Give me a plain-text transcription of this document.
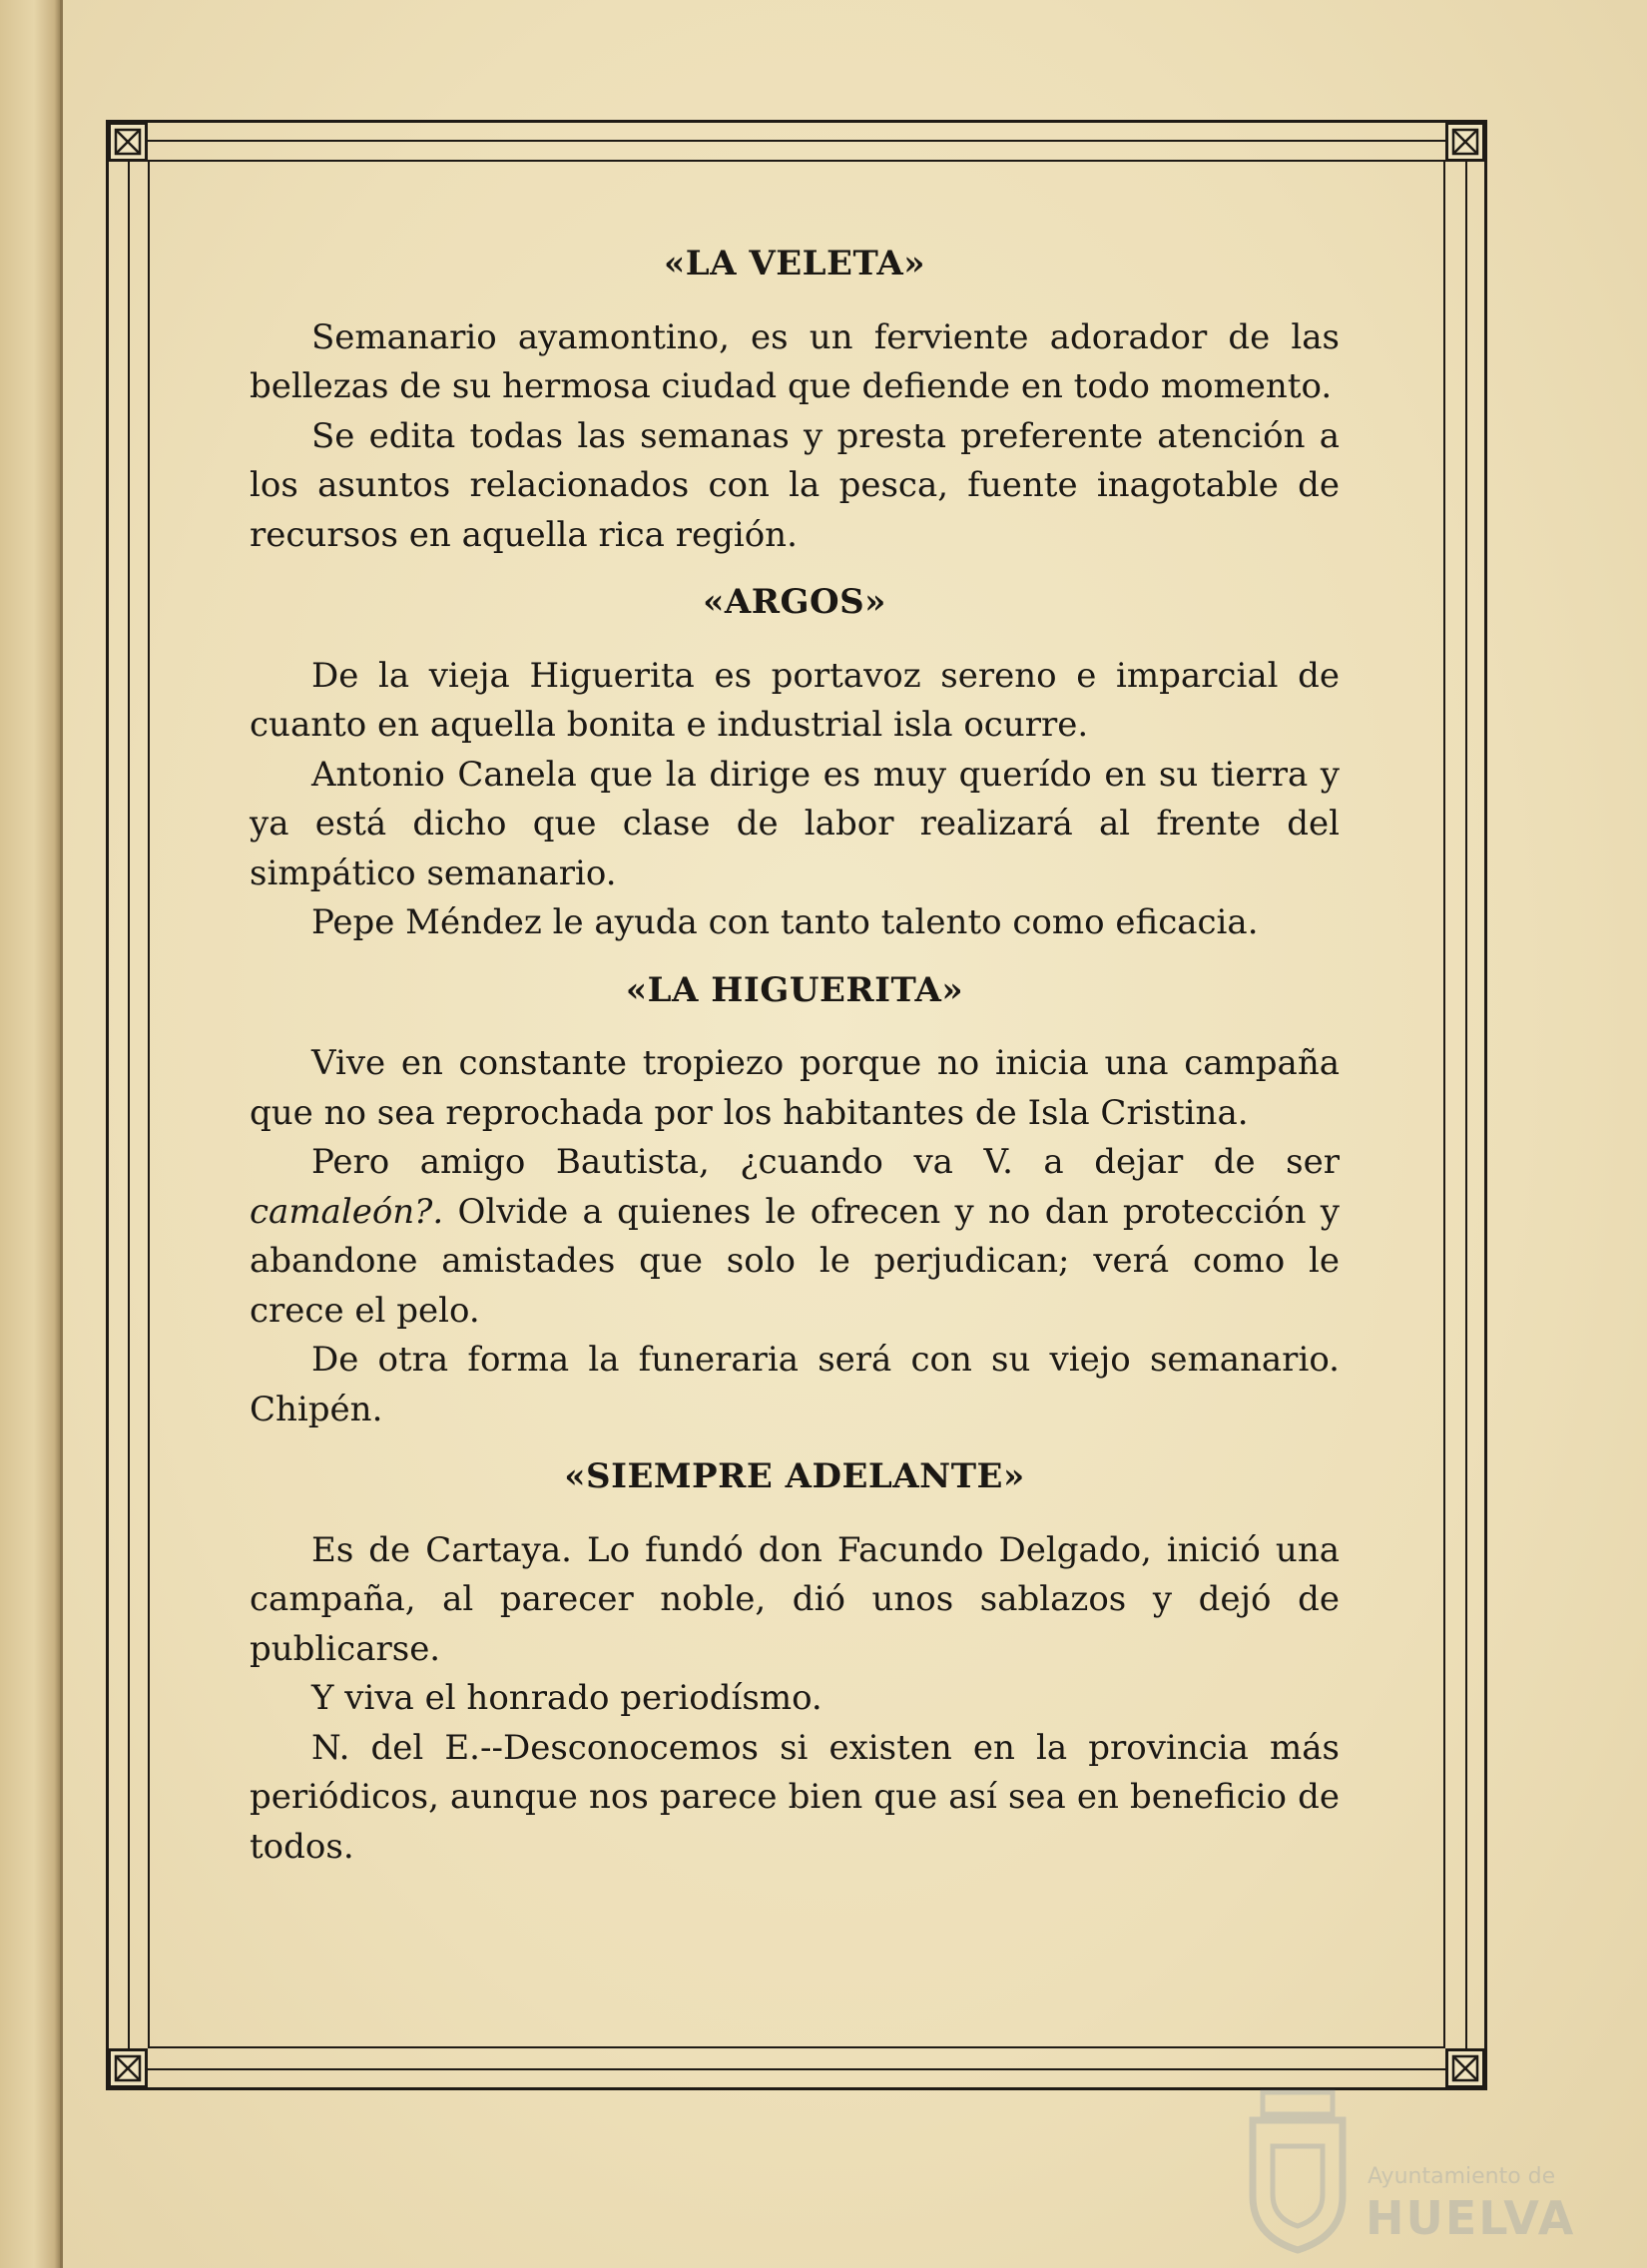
«LA VELETA»

Semanario ayamontino, es un ferviente adorador de las bellezas de su hermosa ciudad que defiende en todo momento.

Se edita todas las semanas y presta preferente atención a los asuntos relacionados con la pesca, fuente inagotable de recursos en aquella rica región.

«ARGOS»

De la vieja Higuerita es portavoz sereno e imparcial de cuanto en aquella bonita e industrial isla ocurre.

Antonio Canela que la dirige es muy querído en su tierra y ya está dicho que clase de labor realizará al frente del simpático semanario.

Pepe Méndez le ayuda con tanto talento como eficacia.

«LA HIGUERITA»

Vive en constante tropiezo porque no inicia una campaña que no sea reprochada por los habitantes de Isla Cristina.

Pero amigo Bautista, ¿cuando va V. a dejar de ser camaleón?. Olvide a quienes le ofrecen y no dan protección y abandone amistades que solo le perjudican; verá como le crece el pelo.

De otra forma la funeraria será con su viejo semanario. Chipén.

«SIEMPRE ADELANTE»

Es de Cartaya. Lo fundó don Facundo Delgado, inició una campaña, al parecer noble, dió unos sablazos y dejó de publicarse.

Y viva el honrado periodísmo.

N. del E.--Desconocemos si existen en la provincia más periódicos, aunque nos parece bien que así sea en beneficio de todos.

Ayuntamiento de
HUELVA
